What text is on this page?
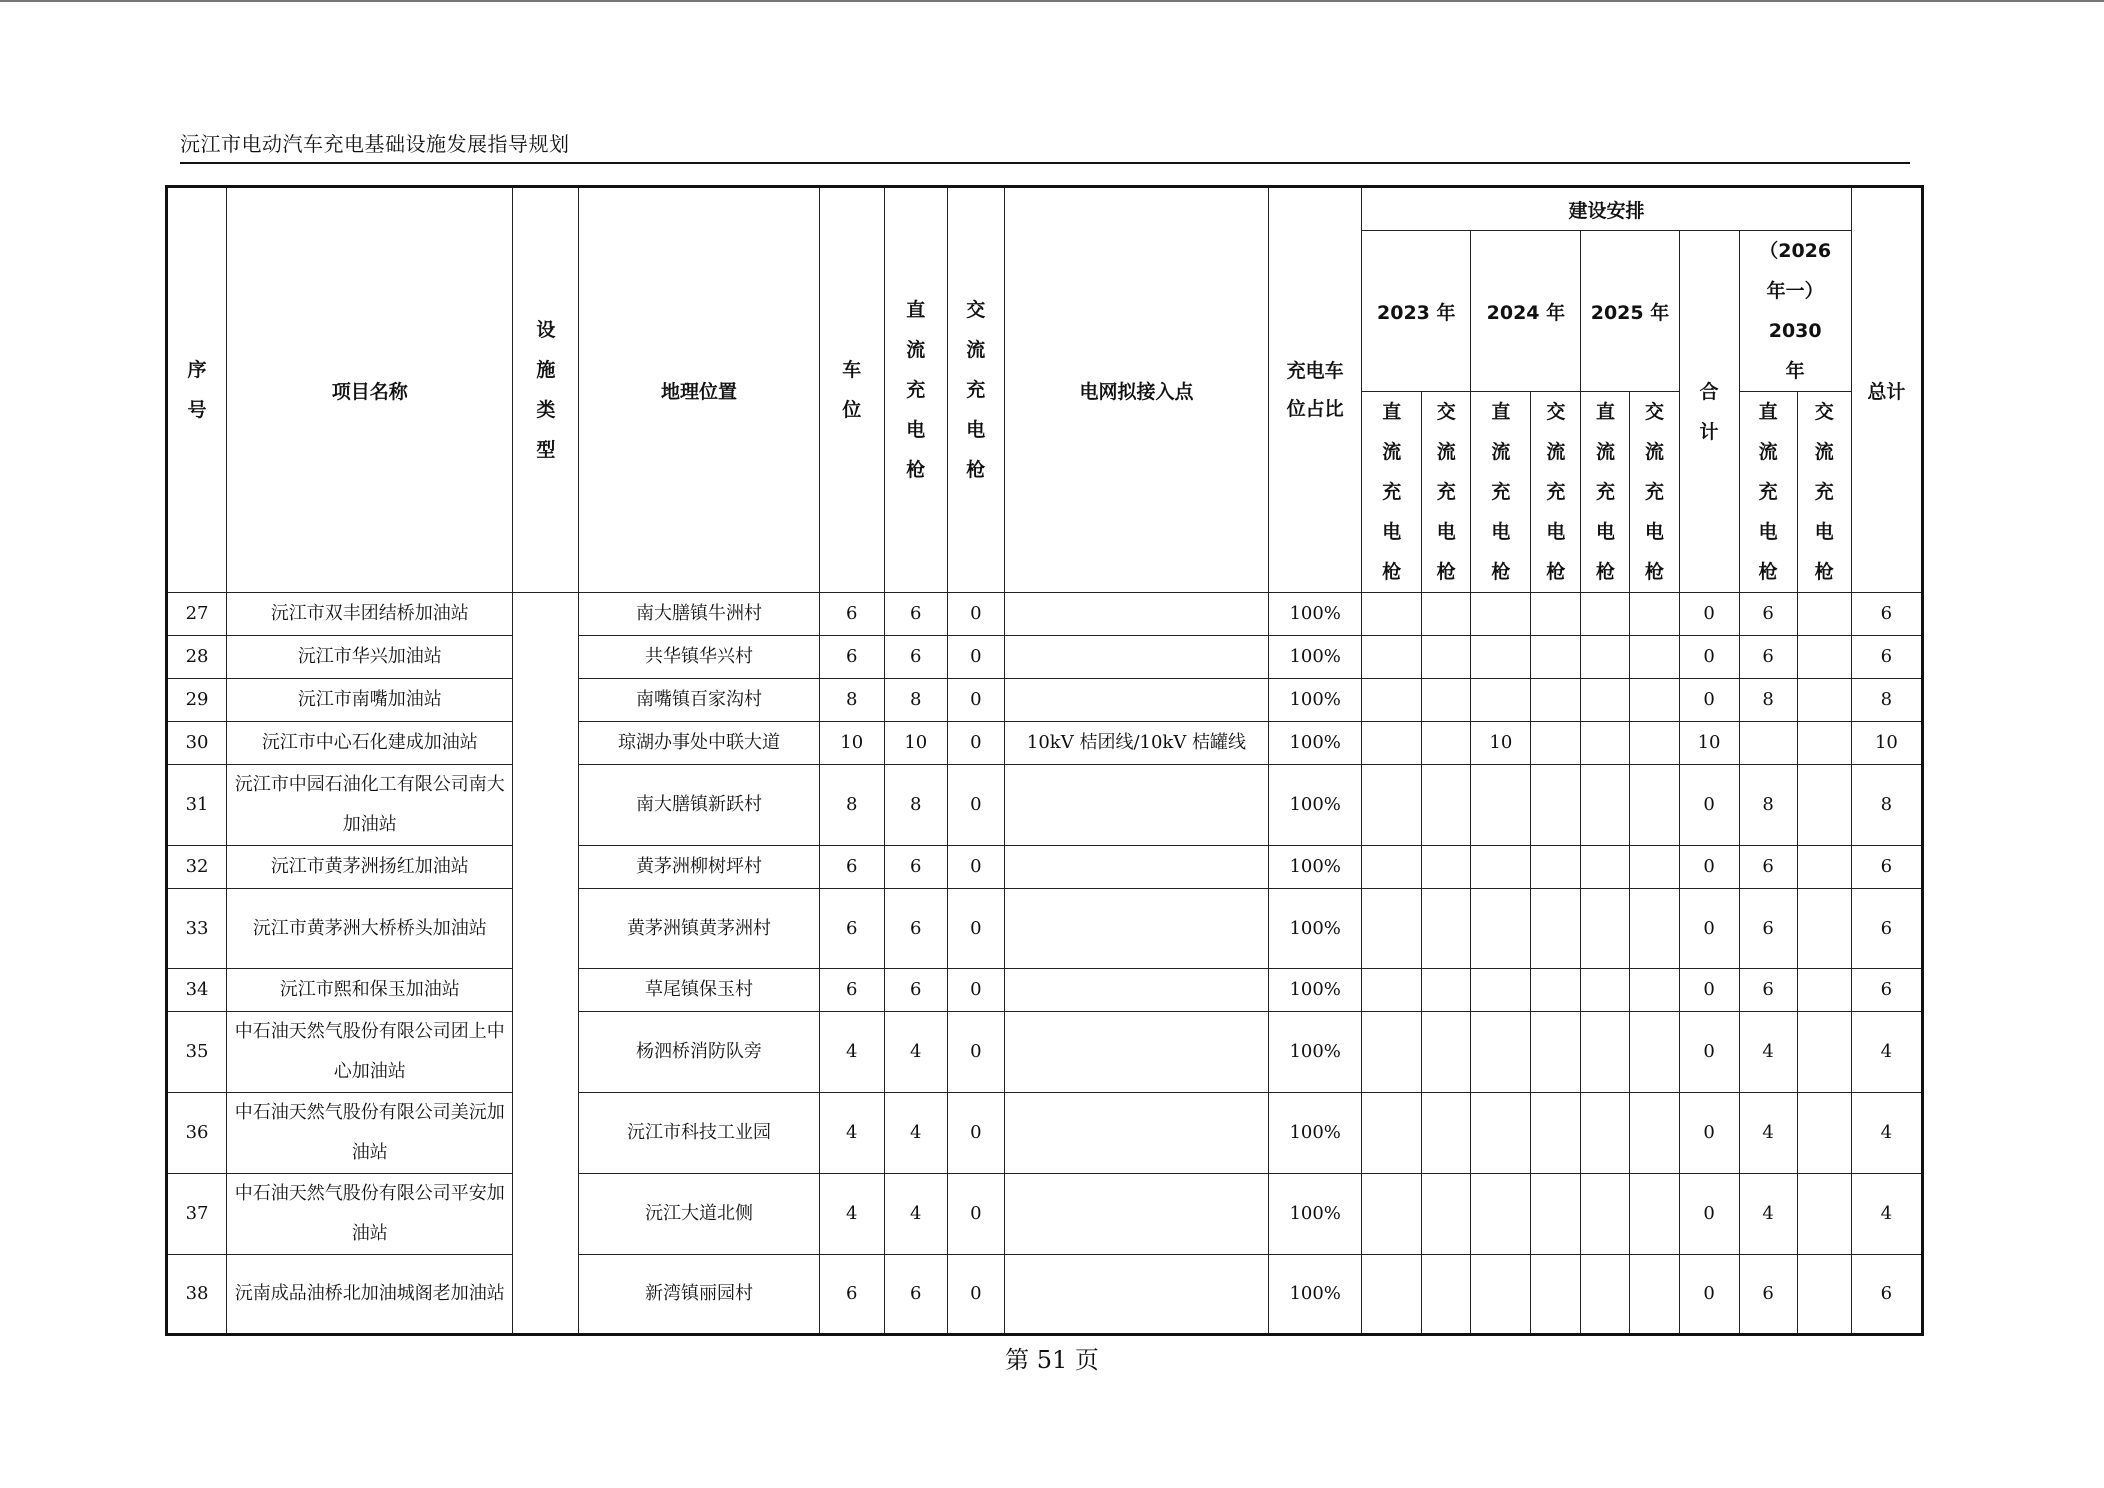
沅江市电动汽车充电基础设施发展指导规划
序号	项目名称	设施类型	地理位置	车位	直流充电枪	交流充电枪	电网拟接入点	充电车位占比	建设安排									总计
									2023 年		2024 年		2025 年		合计	（2026 年一）2030 年		

									直流充电枪	交流充电枪	直流充电枪	交流充电枪	直流充电枪	交流充电枪		直流充电枪	交流充电枪	

27	沅江市双丰团结桥加油站		南大膳镇牛洲村	6	6	0		100%							0	6		6
28	沅江市华兴加油站		共华镇华兴村	6	6	0		100%							0	6		6
29	沅江市南嘴加油站		南嘴镇百家沟村	8	8	0		100%							0	8		8
30	沅江市中心石化建成加油站		琼湖办事处中联大道	10	10	0	10kV 桔团线/10kV 桔罐线	100%			10				10			10
31	沅江市中园石油化工有限公司南大加油站		南大膳镇新跃村	8	8	0		100%							0	8		8
32	沅江市黄茅洲扬红加油站		黄茅洲柳树坪村	6	6	0		100%							0	6		6
33	沅江市黄茅洲大桥桥头加油站		黄茅洲镇黄茅洲村	6	6	0		100%							0	6		6
34	沅江市熙和保玉加油站		草尾镇保玉村	6	6	0		100%							0	6		6
35	中石油天然气股份有限公司团上中心加油站		杨泗桥消防队旁	4	4	0		100%							0	4		4
36	中石油天然气股份有限公司美沅加油站		沅江市科技工业园	4	4	0		100%							0	4		4
37	中石油天然气股份有限公司平安加油站		沅江大道北侧	4	4	0		100%							0	4		4
38	沅南成品油桥北加油城阁老加油站		新湾镇丽园村	6	6	0		100%							0	6		6
第 51 页
